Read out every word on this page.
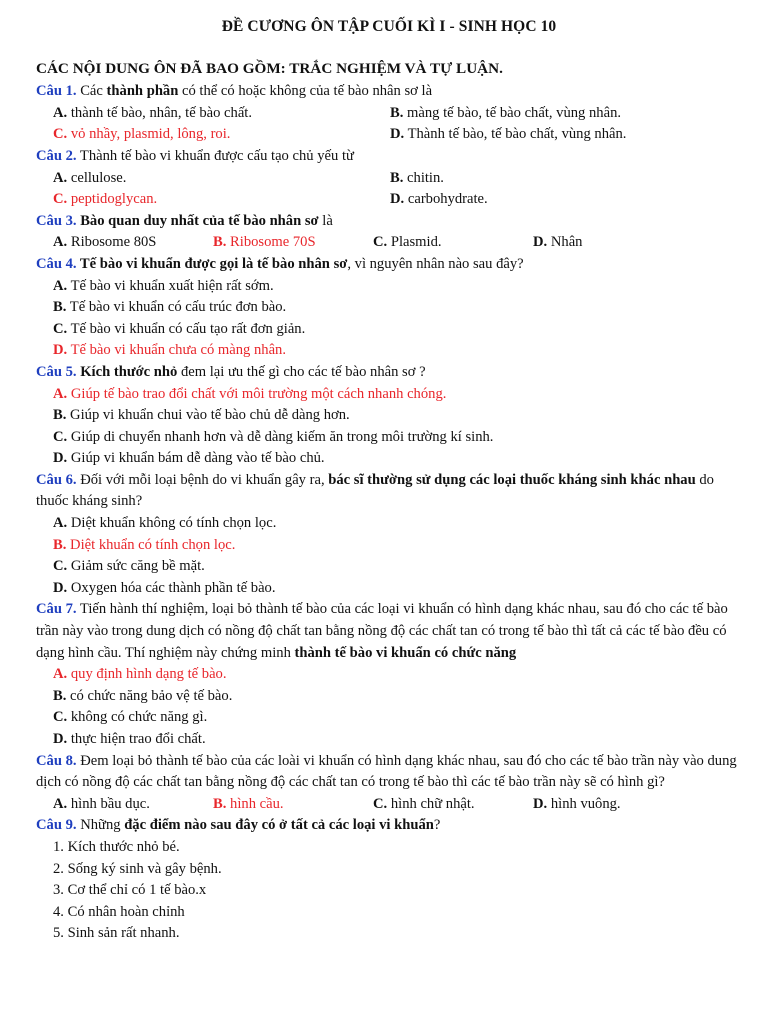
ĐỀ CƯƠNG ÔN TẬP CUỐI KÌ I - SINH HỌC 10
CÁC NỘI DUNG ÔN ĐÃ BAO GỒM: TRẮC NGHIỆM VÀ TỰ LUẬN.
Câu 1. Các thành phần có thể có hoặc không của tế bào nhân sơ là
A. thành tế bào, nhân, tế bào chất.	B. màng tế bào, tế bào chất, vùng nhân.
C. vỏ nhầy, plasmid, lông, roi.	D. Thành tế bào, tế bào chất, vùng nhân.
Câu 2. Thành tế bào vi khuẩn được cấu tạo chủ yếu từ
A. cellulose.	B. chitin.
C. peptidoglycan.	D. carbohydrate.
Câu 3. Bào quan duy nhất của tế bào nhân sơ là
A. Ribosome 80S	B. Ribosome 70S	C. Plasmid.	D. Nhân
Câu 4. Tế bào vi khuẩn được gọi là tế bào nhân sơ, vì nguyên nhân nào sau đây?
A. Tế bào vi khuẩn xuất hiện rất sớm.
B. Tế bào vi khuẩn có cấu trúc đơn bào.
C. Tế bào vi khuẩn có cấu tạo rất đơn giản.
D. Tế bào vi khuẩn chưa có màng nhân.
Câu 5. Kích thước nhỏ đem lại ưu thế gì cho các tế bào nhân sơ ?
A. Giúp tế bào trao đổi chất với môi trường một cách nhanh chóng.
B. Giúp vi khuẩn chui vào tế bào chủ dễ dàng hơn.
C. Giúp di chuyển nhanh hơn và dễ dàng kiếm ăn trong môi trường kí sinh.
D. Giúp vi khuẩn bám dễ dàng vào tế bào chủ.
Câu 6. Đối với mỗi loại bệnh do vi khuẩn gây ra, bác sĩ thường sử dụng các loại thuốc kháng sinh khác nhau do thuốc kháng sinh?
A. Diệt khuẩn không có tính chọn lọc.
B. Diệt khuẩn có tính chọn lọc.
C. Giảm sức căng bề mặt.
D. Oxygen hóa các thành phần tế bào.
Câu 7. Tiến hành thí nghiệm, loại bỏ thành tế bào của các loại vi khuẩn có hình dạng khác nhau, sau đó cho các tế bào trần này vào trong dung dịch có nồng độ chất tan bằng nồng độ các chất tan có trong tế bào thì tất cả các tế bào đều có dạng hình cầu. Thí nghiệm này chứng minh thành tế bào vi khuẩn có chức năng
A. quy định hình dạng tế bào.
B. có chức năng bảo vệ tế bào.
C. không có chức năng gì.
D. thực hiện trao đổi chất.
Câu 8. Đem loại bỏ thành tế bào của các loài vi khuẩn có hình dạng khác nhau, sau đó cho các tế bào trần này vào dung dịch có nồng độ các chất tan bằng nồng độ các chất tan có trong tế bào thì các tế bào trần này sẽ có hình gì?
A. hình bầu dục.	B. hình cầu.	C. hình chữ nhật.	D. hình vuông.
Câu 9. Những đặc điểm nào sau đây có ở tất cả các loại vi khuẩn?
1. Kích thước nhỏ bé.
2. Sống ký sinh và gây bệnh.
3. Cơ thể chỉ có 1 tế bào.x
4. Có nhân hoàn chỉnh
5. Sinh sản rất nhanh.
